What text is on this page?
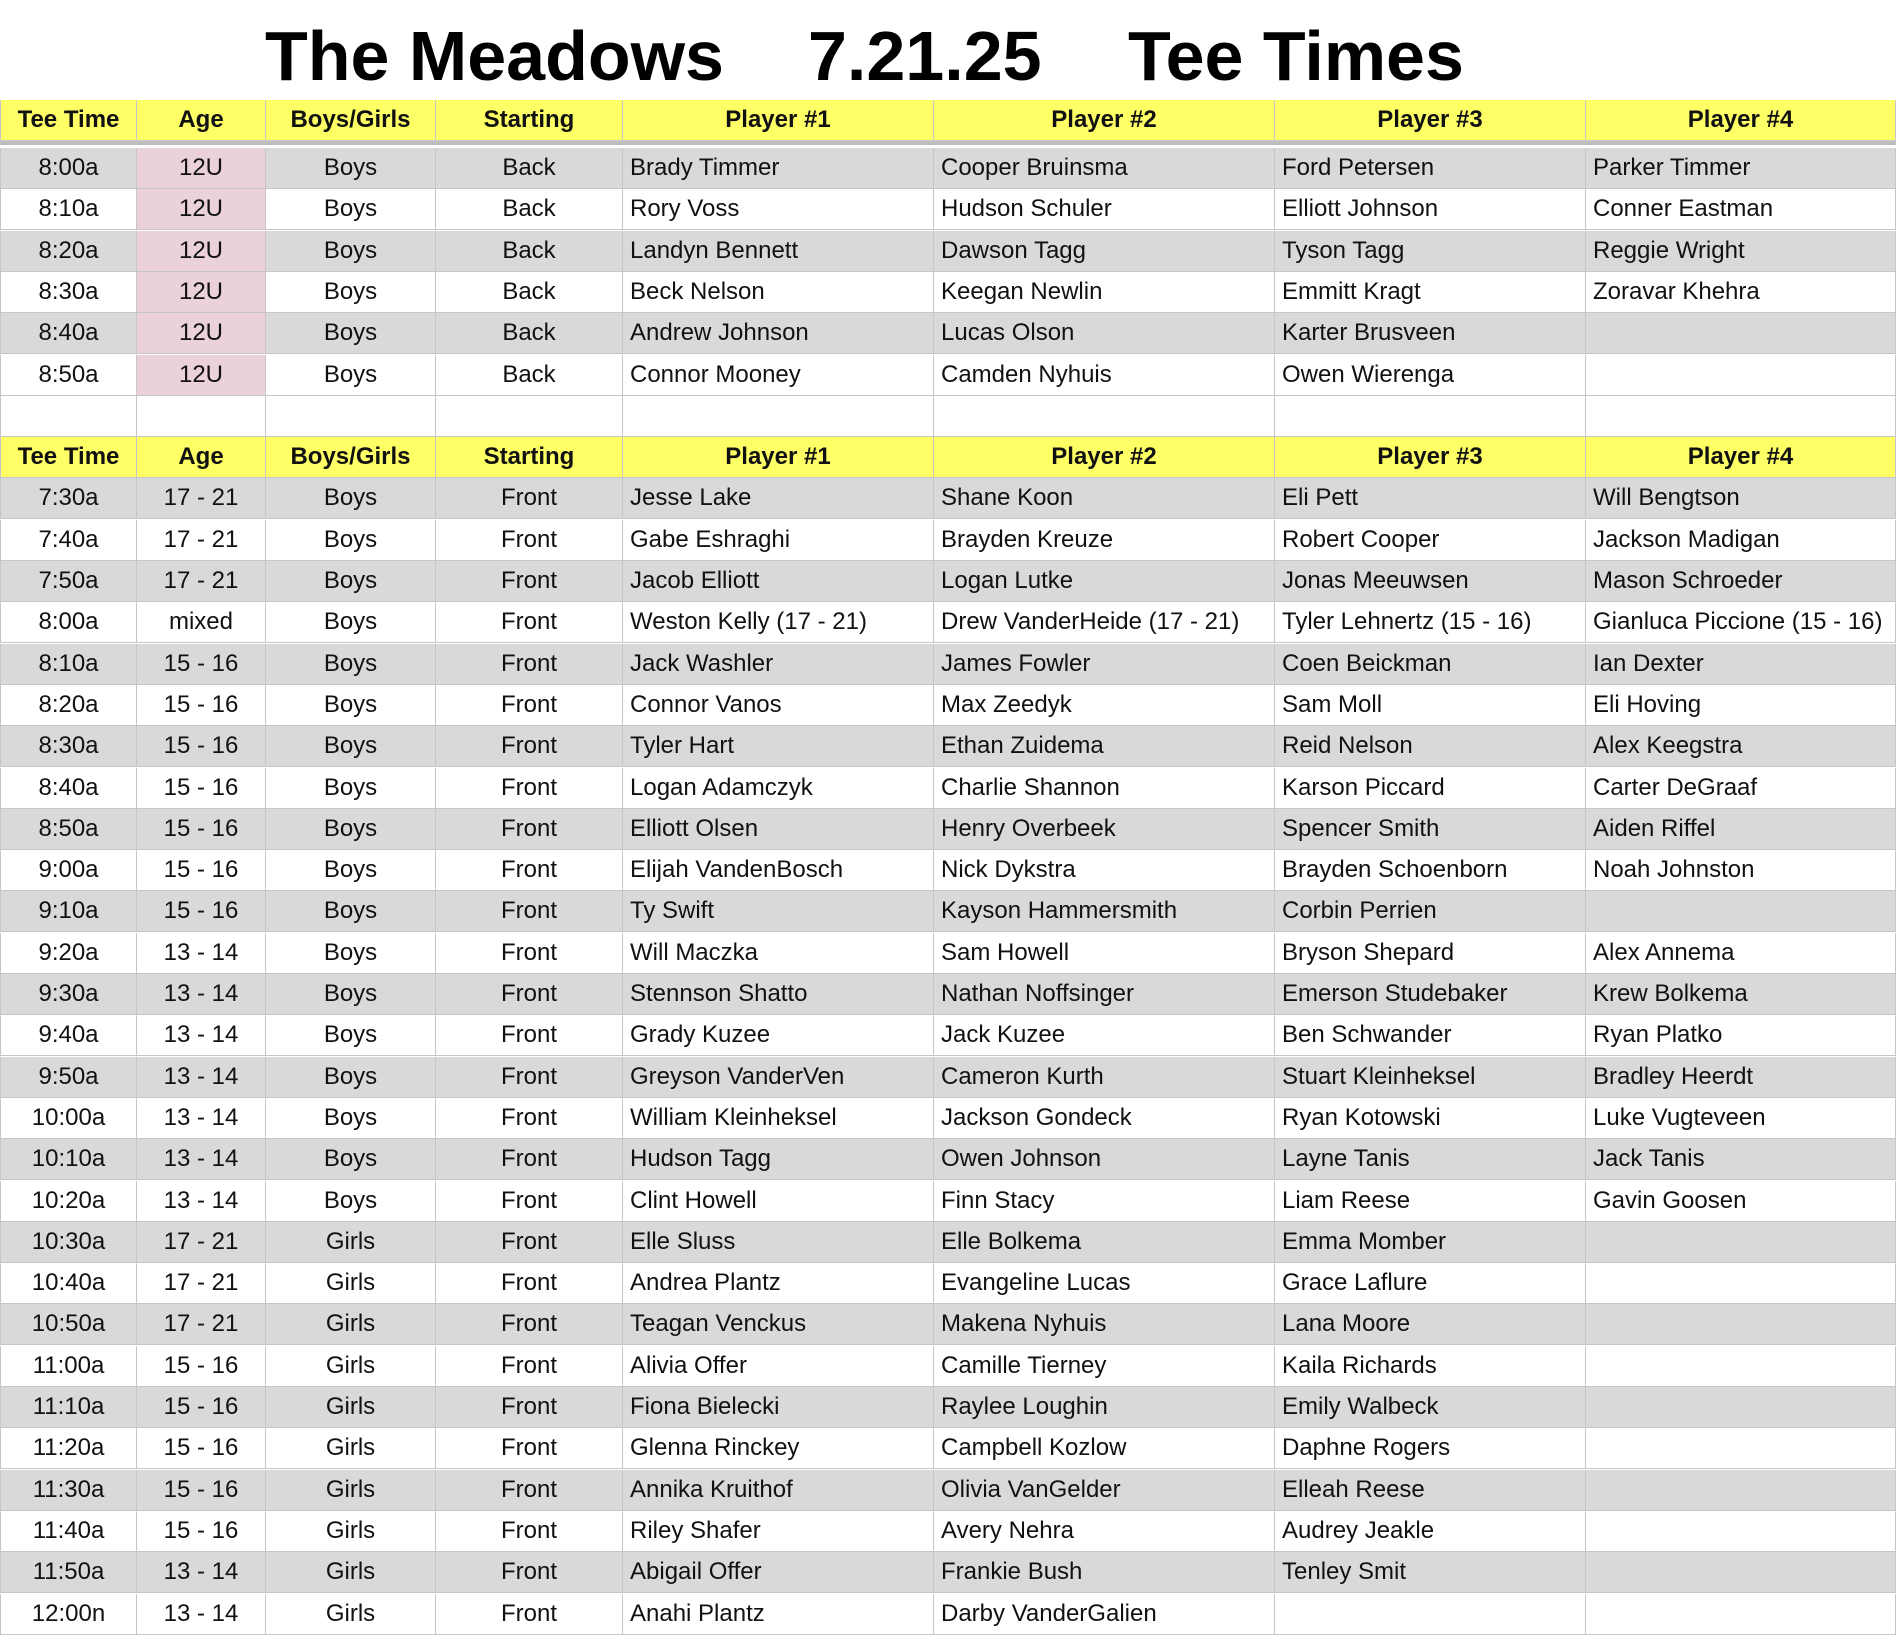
The Meadows 7.21.25 Tee Times
Tee Time	Age	Boys/Girls	Starting	Player #1	Player #2	Player #3	Player #4
8:00a	12U	Boys	Back	Brady Timmer	Cooper Bruinsma	Ford Petersen	Parker Timmer
8:10a	12U	Boys	Back	Rory Voss	Hudson Schuler	Elliott Johnson	Conner Eastman
8:20a	12U	Boys	Back	Landyn Bennett	Dawson Tagg	Tyson Tagg	Reggie Wright
8:30a	12U	Boys	Back	Beck Nelson	Keegan Newlin	Emmitt Kragt	Zoravar Khehra
8:40a	12U	Boys	Back	Andrew Johnson	Lucas Olson	Karter Brusveen
8:50a	12U	Boys	Back	Connor Mooney	Camden Nyhuis	Owen Wierenga
Tee Time	Age	Boys/Girls	Starting	Player #1	Player #2	Player #3	Player #4
7:30a	17 - 21	Boys	Front	Jesse Lake	Shane Koon	Eli Pett	Will Bengtson
7:40a	17 - 21	Boys	Front	Gabe Eshraghi	Brayden Kreuze	Robert Cooper	Jackson Madigan
7:50a	17 - 21	Boys	Front	Jacob Elliott	Logan Lutke	Jonas Meeuwsen	Mason Schroeder
8:00a	mixed	Boys	Front	Weston Kelly (17 - 21)	Drew VanderHeide (17 - 21)	Tyler Lehnertz (15 - 16)	Gianluca Piccione (15 - 16)
8:10a	15 - 16	Boys	Front	Jack Washler	James Fowler	Coen Beickman	Ian Dexter
8:20a	15 - 16	Boys	Front	Connor Vanos	Max Zeedyk	Sam Moll	Eli Hoving
8:30a	15 - 16	Boys	Front	Tyler Hart	Ethan Zuidema	Reid Nelson	Alex Keegstra
8:40a	15 - 16	Boys	Front	Logan Adamczyk	Charlie Shannon	Karson Piccard	Carter DeGraaf
8:50a	15 - 16	Boys	Front	Elliott Olsen	Henry Overbeek	Spencer Smith	Aiden Riffel
9:00a	15 - 16	Boys	Front	Elijah VandenBosch	Nick Dykstra	Brayden Schoenborn	Noah Johnston
9:10a	15 - 16	Boys	Front	Ty Swift	Kayson Hammersmith	Corbin Perrien
9:20a	13 - 14	Boys	Front	Will Maczka	Sam Howell	Bryson Shepard	Alex Annema
9:30a	13 - 14	Boys	Front	Stennson Shatto	Nathan Noffsinger	Emerson Studebaker	Krew Bolkema
9:40a	13 - 14	Boys	Front	Grady Kuzee	Jack Kuzee	Ben Schwander	Ryan Platko
9:50a	13 - 14	Boys	Front	Greyson VanderVen	Cameron Kurth	Stuart Kleinheksel	Bradley Heerdt
10:00a	13 - 14	Boys	Front	William Kleinheksel	Jackson Gondeck	Ryan Kotowski	Luke Vugteveen
10:10a	13 - 14	Boys	Front	Hudson Tagg	Owen Johnson	Layne Tanis	Jack Tanis
10:20a	13 - 14	Boys	Front	Clint Howell	Finn Stacy	Liam Reese	Gavin Goosen
10:30a	17 - 21	Girls	Front	Elle Sluss	Elle Bolkema	Emma Momber
10:40a	17 - 21	Girls	Front	Andrea Plantz	Evangeline Lucas	Grace Laflure
10:50a	17 - 21	Girls	Front	Teagan Venckus	Makena Nyhuis	Lana Moore
11:00a	15 - 16	Girls	Front	Alivia Offer	Camille Tierney	Kaila Richards
11:10a	15 - 16	Girls	Front	Fiona Bielecki	Raylee Loughin	Emily Walbeck
11:20a	15 - 16	Girls	Front	Glenna Rinckey	Campbell Kozlow	Daphne Rogers
11:30a	15 - 16	Girls	Front	Annika Kruithof	Olivia VanGelder	Elleah Reese
11:40a	15 - 16	Girls	Front	Riley Shafer	Avery Nehra	Audrey Jeakle
11:50a	13 - 14	Girls	Front	Abigail Offer	Frankie Bush	Tenley Smit
12:00n	13 - 14	Girls	Front	Anahi Plantz	Darby VanderGalien
